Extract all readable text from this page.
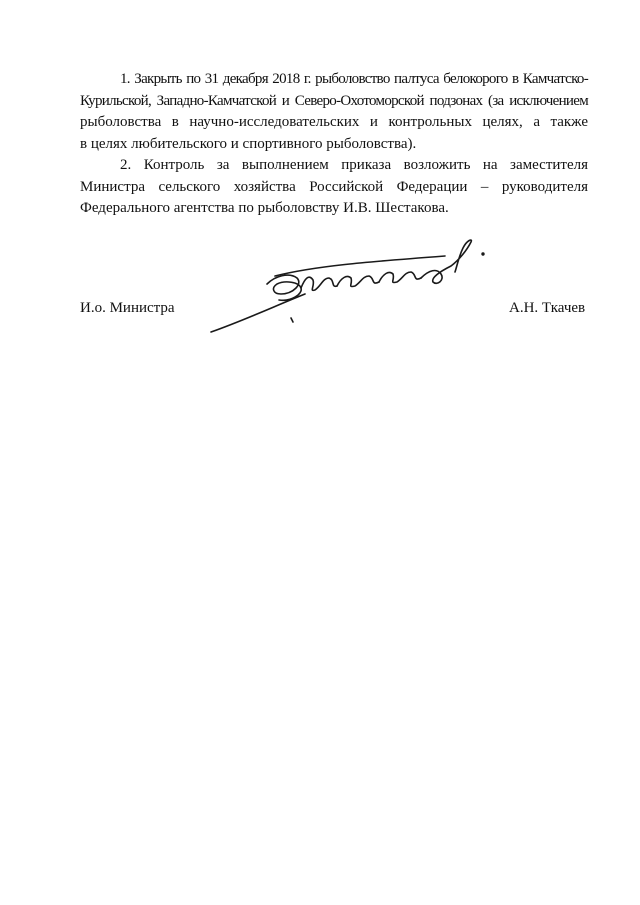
1. Закрыть по 31 декабря 2018 г. рыболовство палтуса белокорого в Камчатско-
Курильской, Западно-Камчатской и Северо-Охотоморской подзонах (за исключением
рыболовства в научно-исследовательских и контрольных целях, а также
в целях любительского и спортивного рыболовства).
2. Контроль за выполнением приказа возложить на заместителя
Министра сельского хозяйства Российской Федерации – руководителя
Федерального агентства по рыболовству И.В. Шестакова.
И.о. Министра	А.Н. Ткачев
